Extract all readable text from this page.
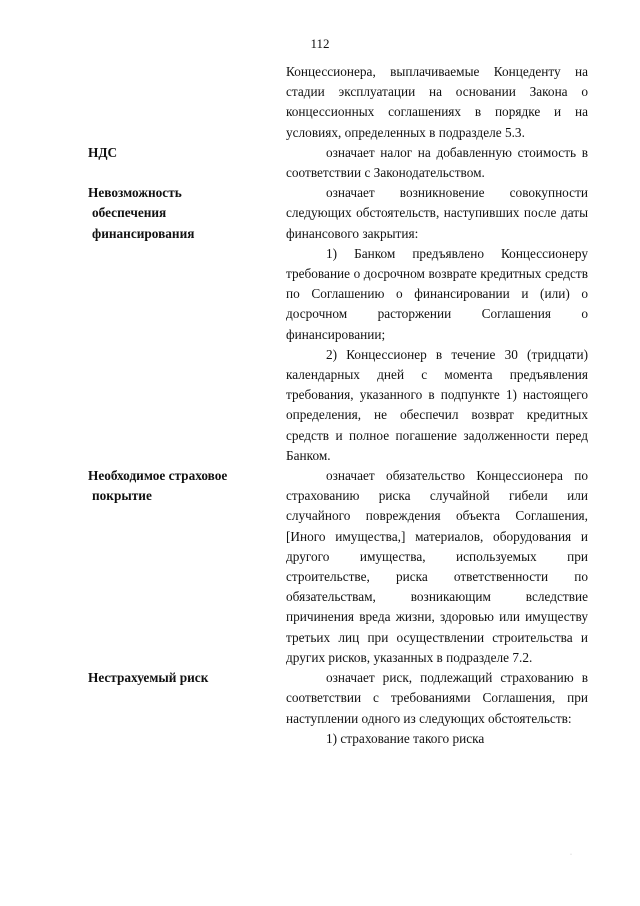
112

Концессионера, выплачиваемые Концеденту на стадии эксплуатации на основании Закона о концессионных соглашениях в порядке и на условиях, определенных в подразделе 5.3.

НДС	означает налог на добавленную стоимость в соответствии с Законодательством.

Невозможность
обеспечения
финансирования

означает возникновение совокупности следующих обстоятельств, наступивших после даты финансового закрытия:

1) Банком предъявлено Концессионеру требование о досрочном возврате кредитных средств по Соглашению о финансировании и (или) о досрочном расторжении Соглашения о финансировании;

2) Концессионер в течение 30 (тридцати) календарных дней с момента предъявления требования, указанного в подпункте 1) настоящего определения, не обеспечил возврат кредитных средств и полное погашение задолженности перед Банком.

Необходимое страховое
покрытие

означает обязательство Концессионера по страхованию риска случайной гибели или случайного повреждения объекта Соглашения, [Иного имущества,] материалов, оборудования и другого имущества, используемых при строительстве, риска ответственности по обязательствам, возникающим вследствие причинения вреда жизни, здоровью или имуществу третьих лиц при осуществлении строительства и других рисков, указанных в подразделе 7.2.

Нестрахуемый риск	означает риск, подлежащий страхованию в соответствии с требованиями Соглашения, при наступлении одного из следующих обстоятельств:

1) страхование такого риска

·
